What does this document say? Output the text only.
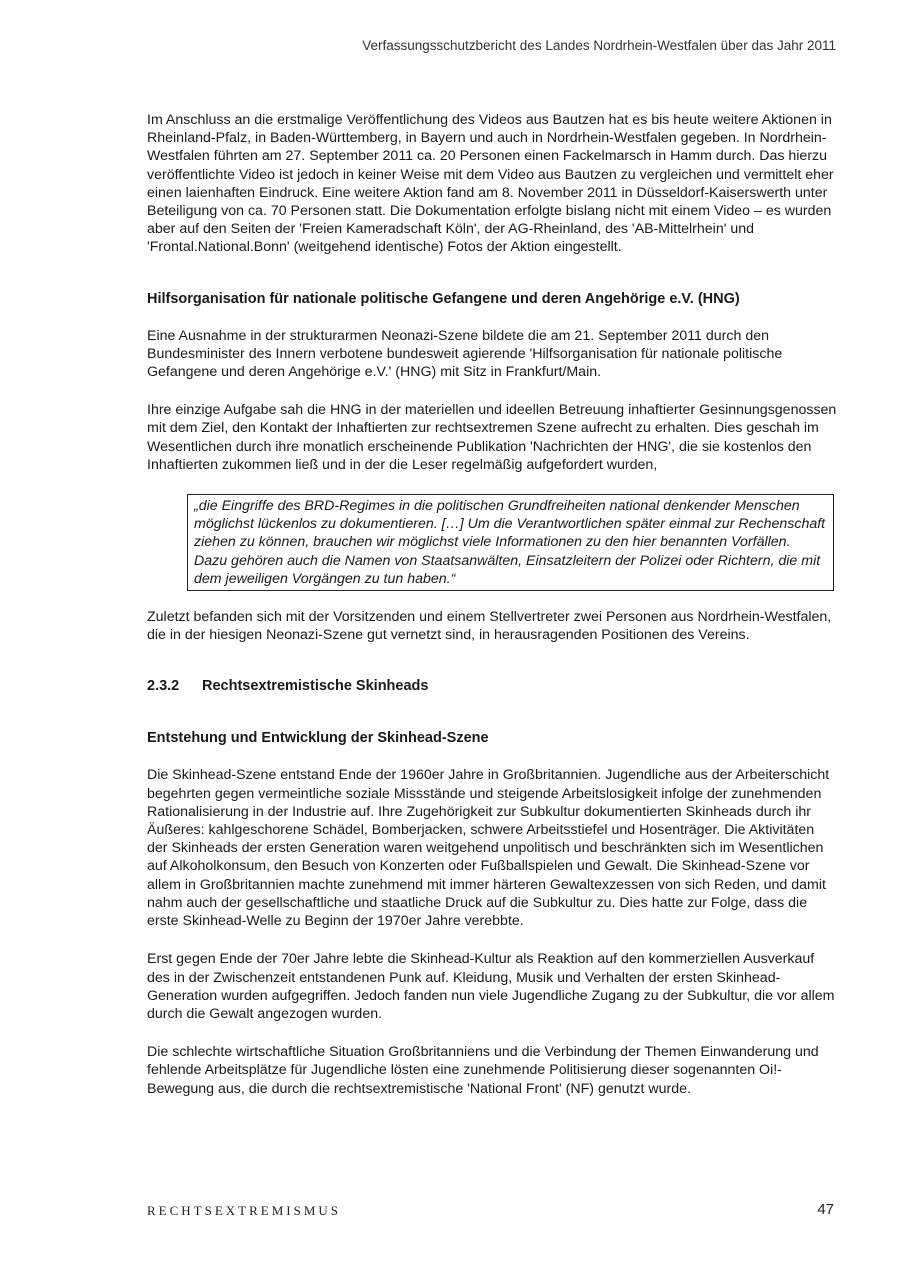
Verfassungsschutzbericht des Landes Nordrhein-Westfalen über das Jahr 2011

Im Anschluss an die erstmalige Veröffentlichung des Videos aus Bautzen hat es bis heute weitere Aktionen in Rheinland-Pfalz, in Baden-Württemberg, in Bayern und auch in Nordrhein-Westfalen gegeben. In Nordrhein-Westfalen führten am 27. September 2011 ca. 20 Personen einen Fackelmarsch in Hamm durch. Das hierzu veröffentlichte Video ist jedoch in keiner Weise mit dem Video aus Bautzen zu vergleichen und vermittelt eher einen laienhaften Eindruck. Eine weitere Aktion fand am 8. November 2011 in Düsseldorf-Kaiserswerth unter Beteiligung von ca. 70 Personen statt. Die Dokumentation erfolgte bislang nicht mit einem Video – es wurden aber auf den Seiten der 'Freien Kameradschaft Köln', der AG-Rheinland, des 'AB-Mittelrhein' und 'Frontal.National.Bonn' (weitgehend identische) Fotos der Aktion eingestellt.

Hilfsorganisation für nationale politische Gefangene und deren Angehörige e.V. (HNG)

Eine Ausnahme in der strukturarmen Neonazi-Szene bildete die am 21. September 2011 durch den Bundesminister des Innern verbotene bundesweit agierende 'Hilfsorganisation für nationale politische Gefangene und deren Angehörige e.V.' (HNG) mit Sitz in Frankfurt/Main.

Ihre einzige Aufgabe sah die HNG in der materiellen und ideellen Betreuung inhaftierter Gesinnungsgenossen mit dem Ziel, den Kontakt der Inhaftierten zur rechtsextremen Szene aufrecht zu erhalten. Dies geschah im Wesentlichen durch ihre monatlich erscheinende Publikation 'Nachrichten der HNG', die sie kostenlos den Inhaftierten zukommen ließ und in der die Leser regelmäßig aufgefordert wurden,

„die Eingriffe des BRD-Regimes in die politischen Grundfreiheiten national denkender Menschen möglichst lückenlos zu dokumentieren. […] Um die Verantwortlichen später einmal zur Rechenschaft ziehen zu können, brauchen wir möglichst viele Informationen zu den hier benannten Vorfällen. Dazu gehören auch die Namen von Staatsanwälten, Einsatzleitern der Polizei oder Richtern, die mit dem jeweiligen Vorgängen zu tun haben.“

Zuletzt befanden sich mit der Vorsitzenden und einem Stellvertreter zwei Personen aus Nordrhein-Westfalen, die in der hiesigen Neonazi-Szene gut vernetzt sind, in herausragenden Positionen des Vereins.

2.3.2 Rechtsextremistische Skinheads
Entstehung und Entwicklung der Skinhead-Szene

Die Skinhead-Szene entstand Ende der 1960er Jahre in Großbritannien. Jugendliche aus der Arbeiterschicht begehrten gegen vermeintliche soziale Missstände und steigende Arbeitslosigkeit infolge der zunehmenden Rationalisierung in der Industrie auf. Ihre Zugehörigkeit zur Subkultur dokumentierten Skinheads durch ihr Äußeres: kahlgeschorene Schädel, Bomberjacken, schwere Arbeitsstiefel und Hosenträger. Die Aktivitäten der Skinheads der ersten Generation waren weitgehend unpolitisch und beschränkten sich im Wesentlichen auf Alkoholkonsum, den Besuch von Konzerten oder Fußballspielen und Gewalt. Die Skinhead-Szene vor allem in Großbritannien machte zunehmend mit immer härteren Gewaltexzessen von sich Reden, und damit nahm auch der gesellschaftliche und staatliche Druck auf die Subkultur zu. Dies hatte zur Folge, dass die erste Skinhead-Welle zu Beginn der 1970er Jahre verebbte.

Erst gegen Ende der 70er Jahre lebte die Skinhead-Kultur als Reaktion auf den kommerziellen Ausverkauf des in der Zwischenzeit entstandenen Punk auf. Kleidung, Musik und Verhalten der ersten Skinhead-Generation wurden aufgegriffen. Jedoch fanden nun viele Jugendliche Zugang zu der Subkultur, die vor allem durch die Gewalt angezogen wurden.

Die schlechte wirtschaftliche Situation Großbritanniens und die Verbindung der Themen Einwanderung und fehlende Arbeitsplätze für Jugendliche lösten eine zunehmende Politisierung dieser sogenannten Oi!-Bewegung aus, die durch die rechtsextremistische 'National Front' (NF) genutzt wurde.

RECHTSEXTREMISMUS	47
